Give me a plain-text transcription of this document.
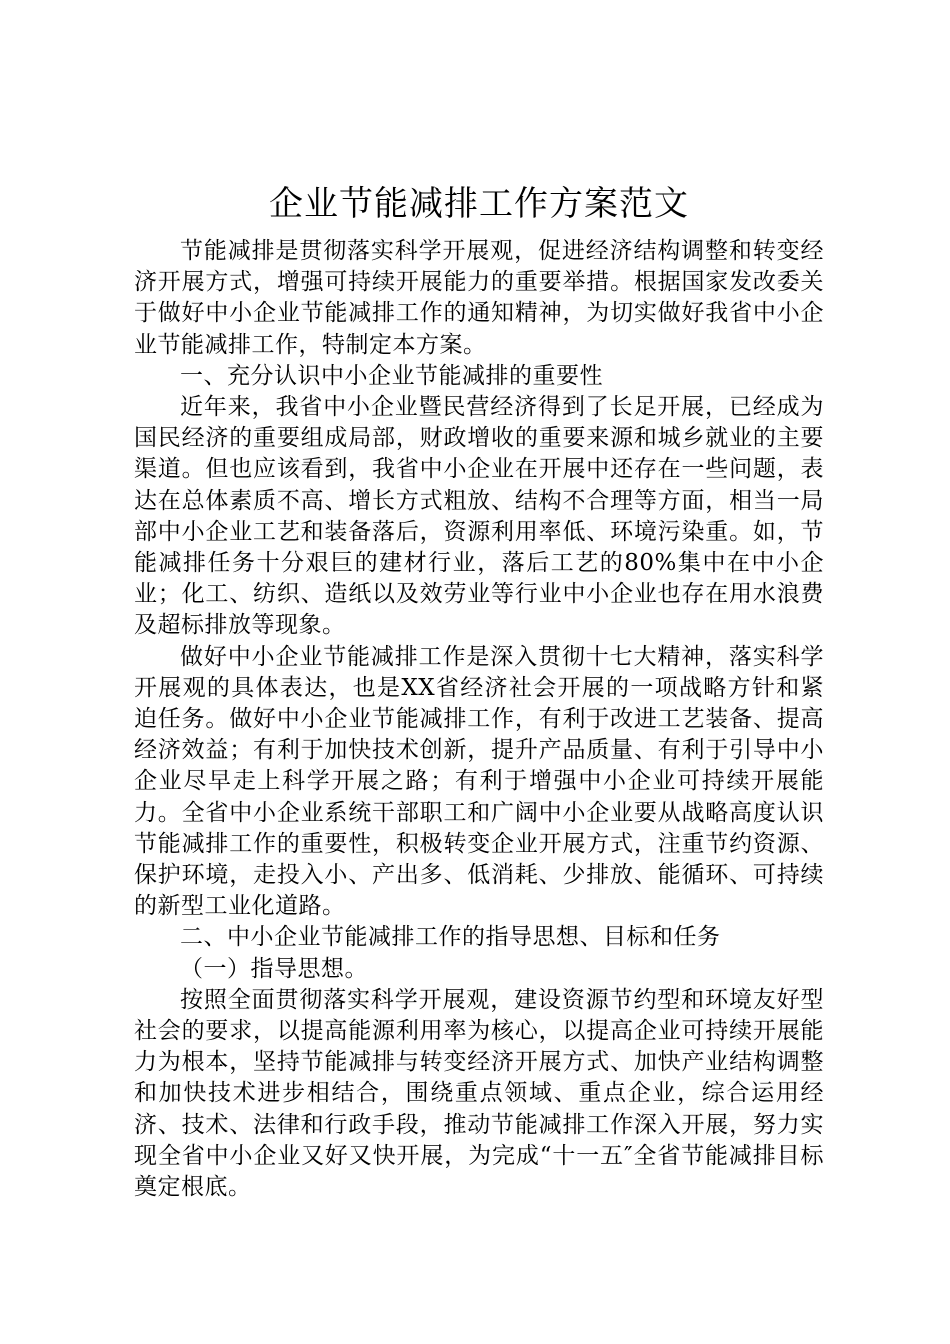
企业节能减排工作方案范文

节能减排是贯彻落实科学开展观，促进经济结构调整和转变经济开展方式，增强可持续开展能力的重要举措。根据国家发改委关于做好中小企业节能减排工作的通知精神，为切实做好我省中小企业节能减排工作，特制定本方案。

一、充分认识中小企业节能减排的重要性

近年来，我省中小企业暨民营经济得到了长足开展，已经成为国民经济的重要组成局部，财政增收的重要来源和城乡就业的主要渠道。但也应该看到，我省中小企业在开展中还存在一些问题，表达在总体素质不高、增长方式粗放、结构不合理等方面，相当一局部中小企业工艺和装备落后，资源利用率低、环境污染重。如，节能减排任务十分艰巨的建材行业，落后工艺的80%集中在中小企业；化工、纺织、造纸以及效劳业等行业中小企业也存在用水浪费及超标排放等现象。

做好中小企业节能减排工作是深入贯彻十七大精神，落实科学开展观的具体表达，也是XX省经济社会开展的一项战略方针和紧迫任务。做好中小企业节能减排工作，有利于改进工艺装备、提高经济效益；有利于加快技术创新，提升产品质量、有利于引导中小企业尽早走上科学开展之路；有利于增强中小企业可持续开展能力。全省中小企业系统干部职工和广阔中小企业要从战略高度认识节能减排工作的重要性，积极转变企业开展方式，注重节约资源、保护环境，走投入小、产出多、低消耗、少排放、能循环、可持续的新型工业化道路。

二、中小企业节能减排工作的指导思想、目标和任务

（一）指导思想。

按照全面贯彻落实科学开展观，建设资源节约型和环境友好型社会的要求，以提高能源利用率为核心，以提高企业可持续开展能力为根本，坚持节能减排与转变经济开展方式、加快产业结构调整和加快技术进步相结合，围绕重点领域、重点企业，综合运用经济、技术、法律和行政手段，推动节能减排工作深入开展，努力实现全省中小企业又好又快开展，为完成“十一五″全省节能减排目标奠定根底。
